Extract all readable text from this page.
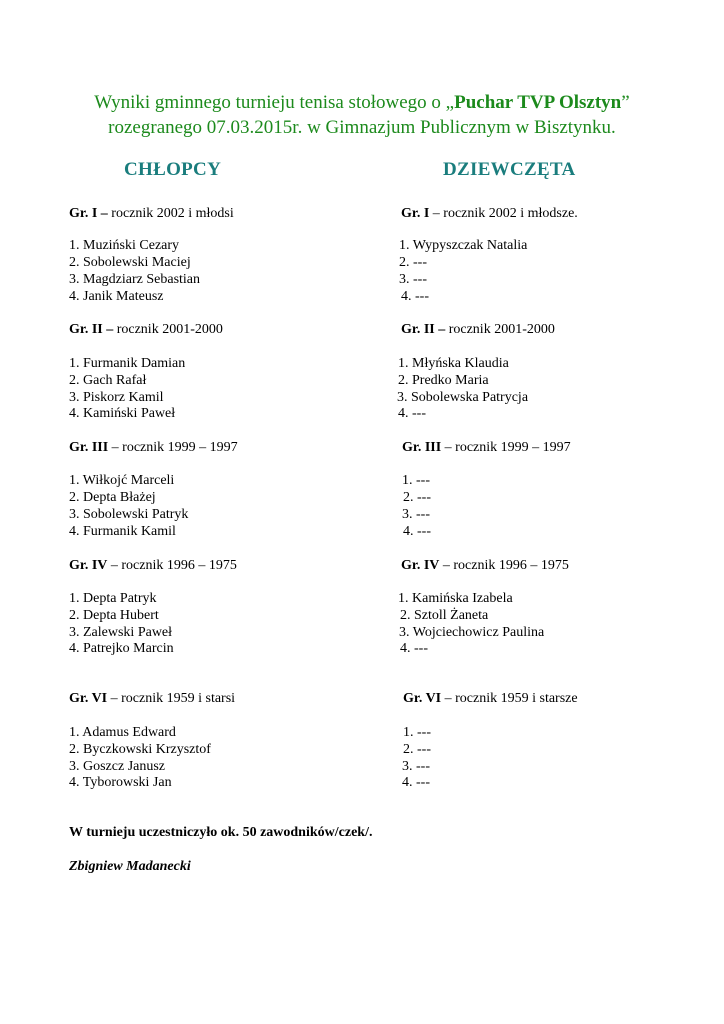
Wyniki gminnego turnieju tenisa stołowego o „Puchar TVP Olsztyn”
rozegranego 07.03.2015r. w Gimnazjum Publicznym w Bisztynku.
CHŁOPCY	DZIEWCZĘTA
Gr. I – rocznik 2002 i młodsi
1. Muziński Cezary
2. Sobolewski Maciej
3. Magdziarz Sebastian
4. Janik Mateusz
Gr. II – rocznik 2001-2000
1. Furmanik Damian
2. Gach Rafał
3. Piskorz Kamil
4. Kamiński Paweł
Gr. III – rocznik 1999 – 1997
1. Wiłkojć Marceli
2. Depta Błażej
3. Sobolewski Patryk
4. Furmanik Kamil
Gr. IV – rocznik 1996 – 1975
1. Depta Patryk
2. Depta Hubert
3. Zalewski Paweł
4. Patrejko Marcin
Gr. VI – rocznik 1959 i starsi
1. Adamus Edward
2. Byczkowski Krzysztof
3. Goszcz Janusz
4. Tyborowski Jan
Gr. I – rocznik 2002 i młodsze.
1. Wypyszczak Natalia
2. ---
3. ---
4. ---
Gr. II – rocznik 2001-2000
1. Młyńska Klaudia
2. Predko Maria
3. Sobolewska Patrycja
4. ---
Gr. III – rocznik 1999 – 1997
1. ---
2. ---
3. ---
4. ---
Gr. IV – rocznik 1996 – 1975
1. Kamińska Izabela
2. Sztoll Żaneta
3. Wojciechowicz Paulina
4. ---
Gr. VI – rocznik 1959 i starsze
1. ---
2. ---
3. ---
4. ---
W turnieju uczestniczyło ok. 50 zawodników/czek/.
Zbigniew Madanecki
